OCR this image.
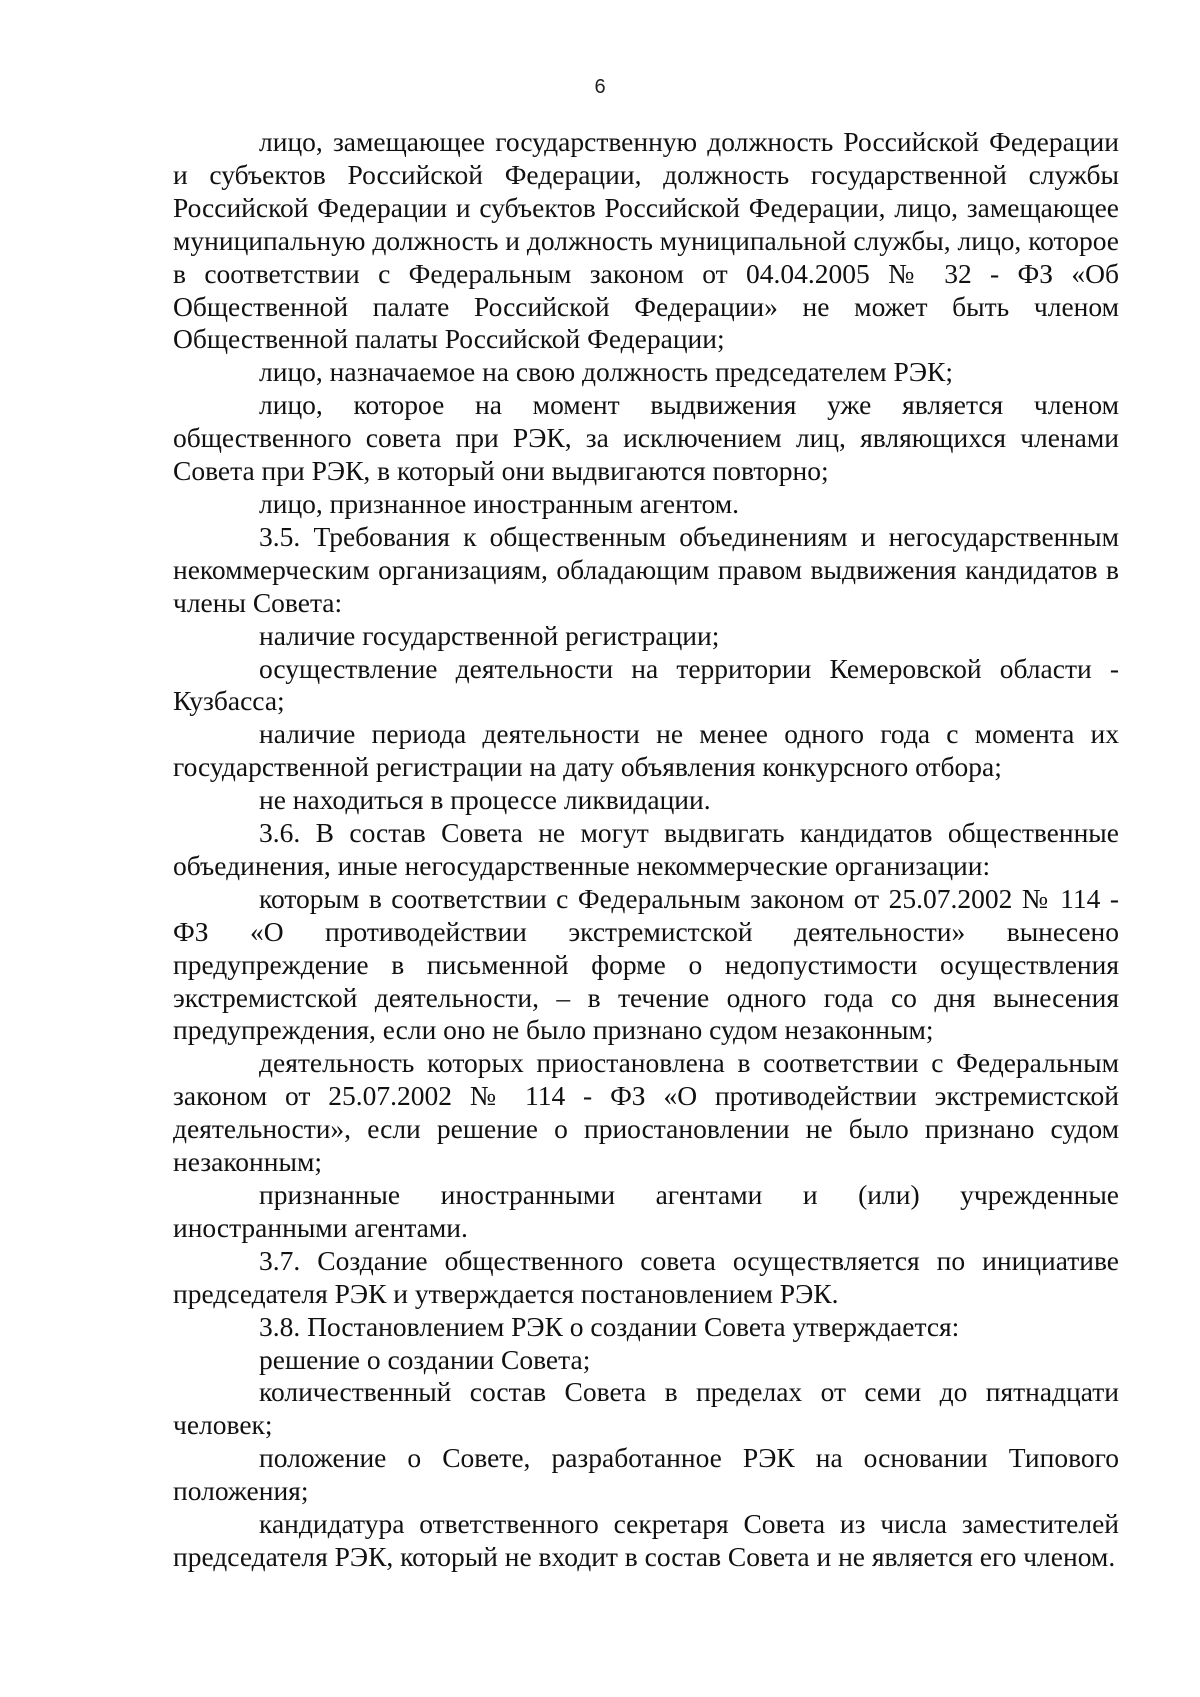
6

лицо, замещающее государственную должность Российской Федерации и субъектов Российской Федерации, должность государственной службы Российской Федерации и субъектов Российской Федерации, лицо, замещающее муниципальную должность и должность муниципальной службы, лицо, которое в соответствии с Федеральным законом от 04.04.2005 № 32 - ФЗ «Об Общественной палате Российской Федерации» не может быть членом Общественной палаты Российской Федерации;

лицо, назначаемое на свою должность председателем РЭК;

лицо, которое на момент выдвижения уже является членом общественного совета при РЭК, за исключением лиц, являющихся членами Совета при РЭК, в который они выдвигаются повторно;

лицо, признанное иностранным агентом.

3.5. Требования к общественным объединениям и негосударственным некоммерческим организациям, обладающим правом выдвижения кандидатов в члены Совета:

наличие государственной регистрации;

осуществление деятельности на территории Кемеровской области - Кузбасса;

наличие периода деятельности не менее одного года с момента их государственной регистрации на дату объявления конкурсного отбора;

не находиться в процессе ликвидации.

3.6. В состав Совета не могут выдвигать кандидатов общественные объединения, иные негосударственные некоммерческие организации:

которым в соответствии с Федеральным законом от 25.07.2002 № 114 - ФЗ «О противодействии экстремистской деятельности» вынесено предупреждение в письменной форме о недопустимости осуществления экстремистской деятельности, – в течение одного года со дня вынесения предупреждения, если оно не было признано судом незаконным;

деятельность которых приостановлена в соответствии с Федеральным законом от 25.07.2002 № 114 - ФЗ «О противодействии экстремистской деятельности», если решение о приостановлении не было признано судом незаконным;

признанные иностранными агентами и (или) учрежденные иностранными агентами.

3.7. Создание общественного совета осуществляется по инициативе председателя РЭК и утверждается постановлением РЭК.

3.8. Постановлением РЭК о создании Совета утверждается:

решение о создании Совета;

количественный состав Совета в пределах от семи до пятнадцати человек;

положение о Совете, разработанное РЭК на основании Типового положения;

кандидатура ответственного секретаря Совета из числа заместителей председателя РЭК, который не входит в состав Совета и не является его членом.
